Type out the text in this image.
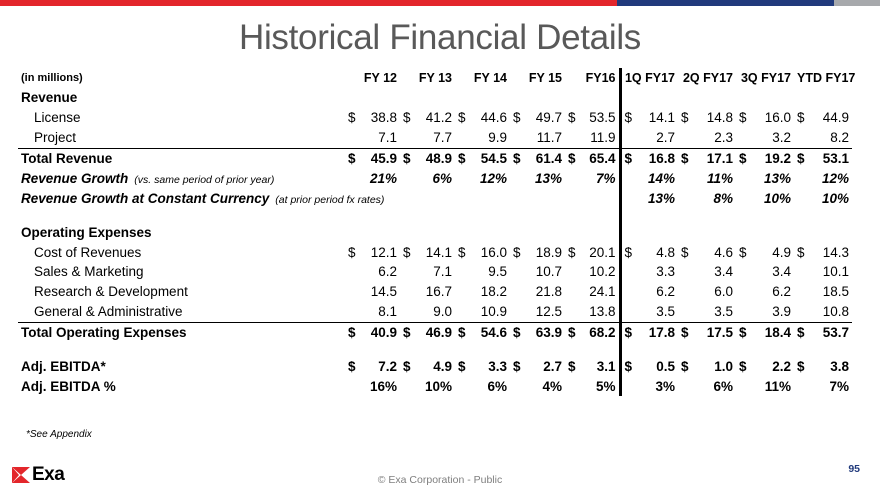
Historical Financial Details
(in millions)	FY 12	FY 13	FY 14	FY 15	FY16	1Q FY17	2Q FY17	3Q FY17	YTD FY17
Revenue									
License	$ 38.8	$ 41.2	$ 44.6	$ 49.7	$ 53.5	$ 14.1	$ 14.8	$ 16.0	$ 44.9

Project	7.1	7.7	9.9	11.7	11.9	2.7	2.3	3.2	8.2
Total Revenue	$ 45.9	$ 48.9	$ 54.5	$ 61.4	$ 65.4	$ 16.8	$ 17.1	$ 19.2	$ 53.1

Revenue Growth (vs. same period of prior year)	21%	6%	12%	13%	7%	14%	11%	13%	12%
Revenue Growth at Constant Currency (at prior period fx rates)						13%	8%	10%	10%

Operating Expenses									
Cost of Revenues	$ 12.1	$ 14.1	$ 16.0	$ 18.9	$ 20.1	$ 4.8	$ 4.6	$ 4.9	$ 14.3

Sales & Marketing	6.2	7.1	9.5	10.7	10.2	3.3	3.4	3.4	10.1
Research & Development	14.5	16.7	18.2	21.8	24.1	6.2	6.0	6.2	18.5
General & Administrative	8.1	9.0	10.9	12.5	13.8	3.5	3.5	3.9	10.8
Total Operating Expenses	$ 40.9	$ 46.9	$ 54.6	$ 63.9	$ 68.2	$ 17.8	$ 17.5	$ 18.4	$ 53.7

Adj. EBITDA*	$ 7.2	$ 4.9	$ 3.3	$ 2.7	$ 3.1	$ 0.5	$ 1.0	$ 2.2	$ 3.8

Adj. EBITDA %	16%	10%	6%	4%	5%	3%	6%	11%	7%
*See Appendix
Exa	© Exa Corporation - Public
95
